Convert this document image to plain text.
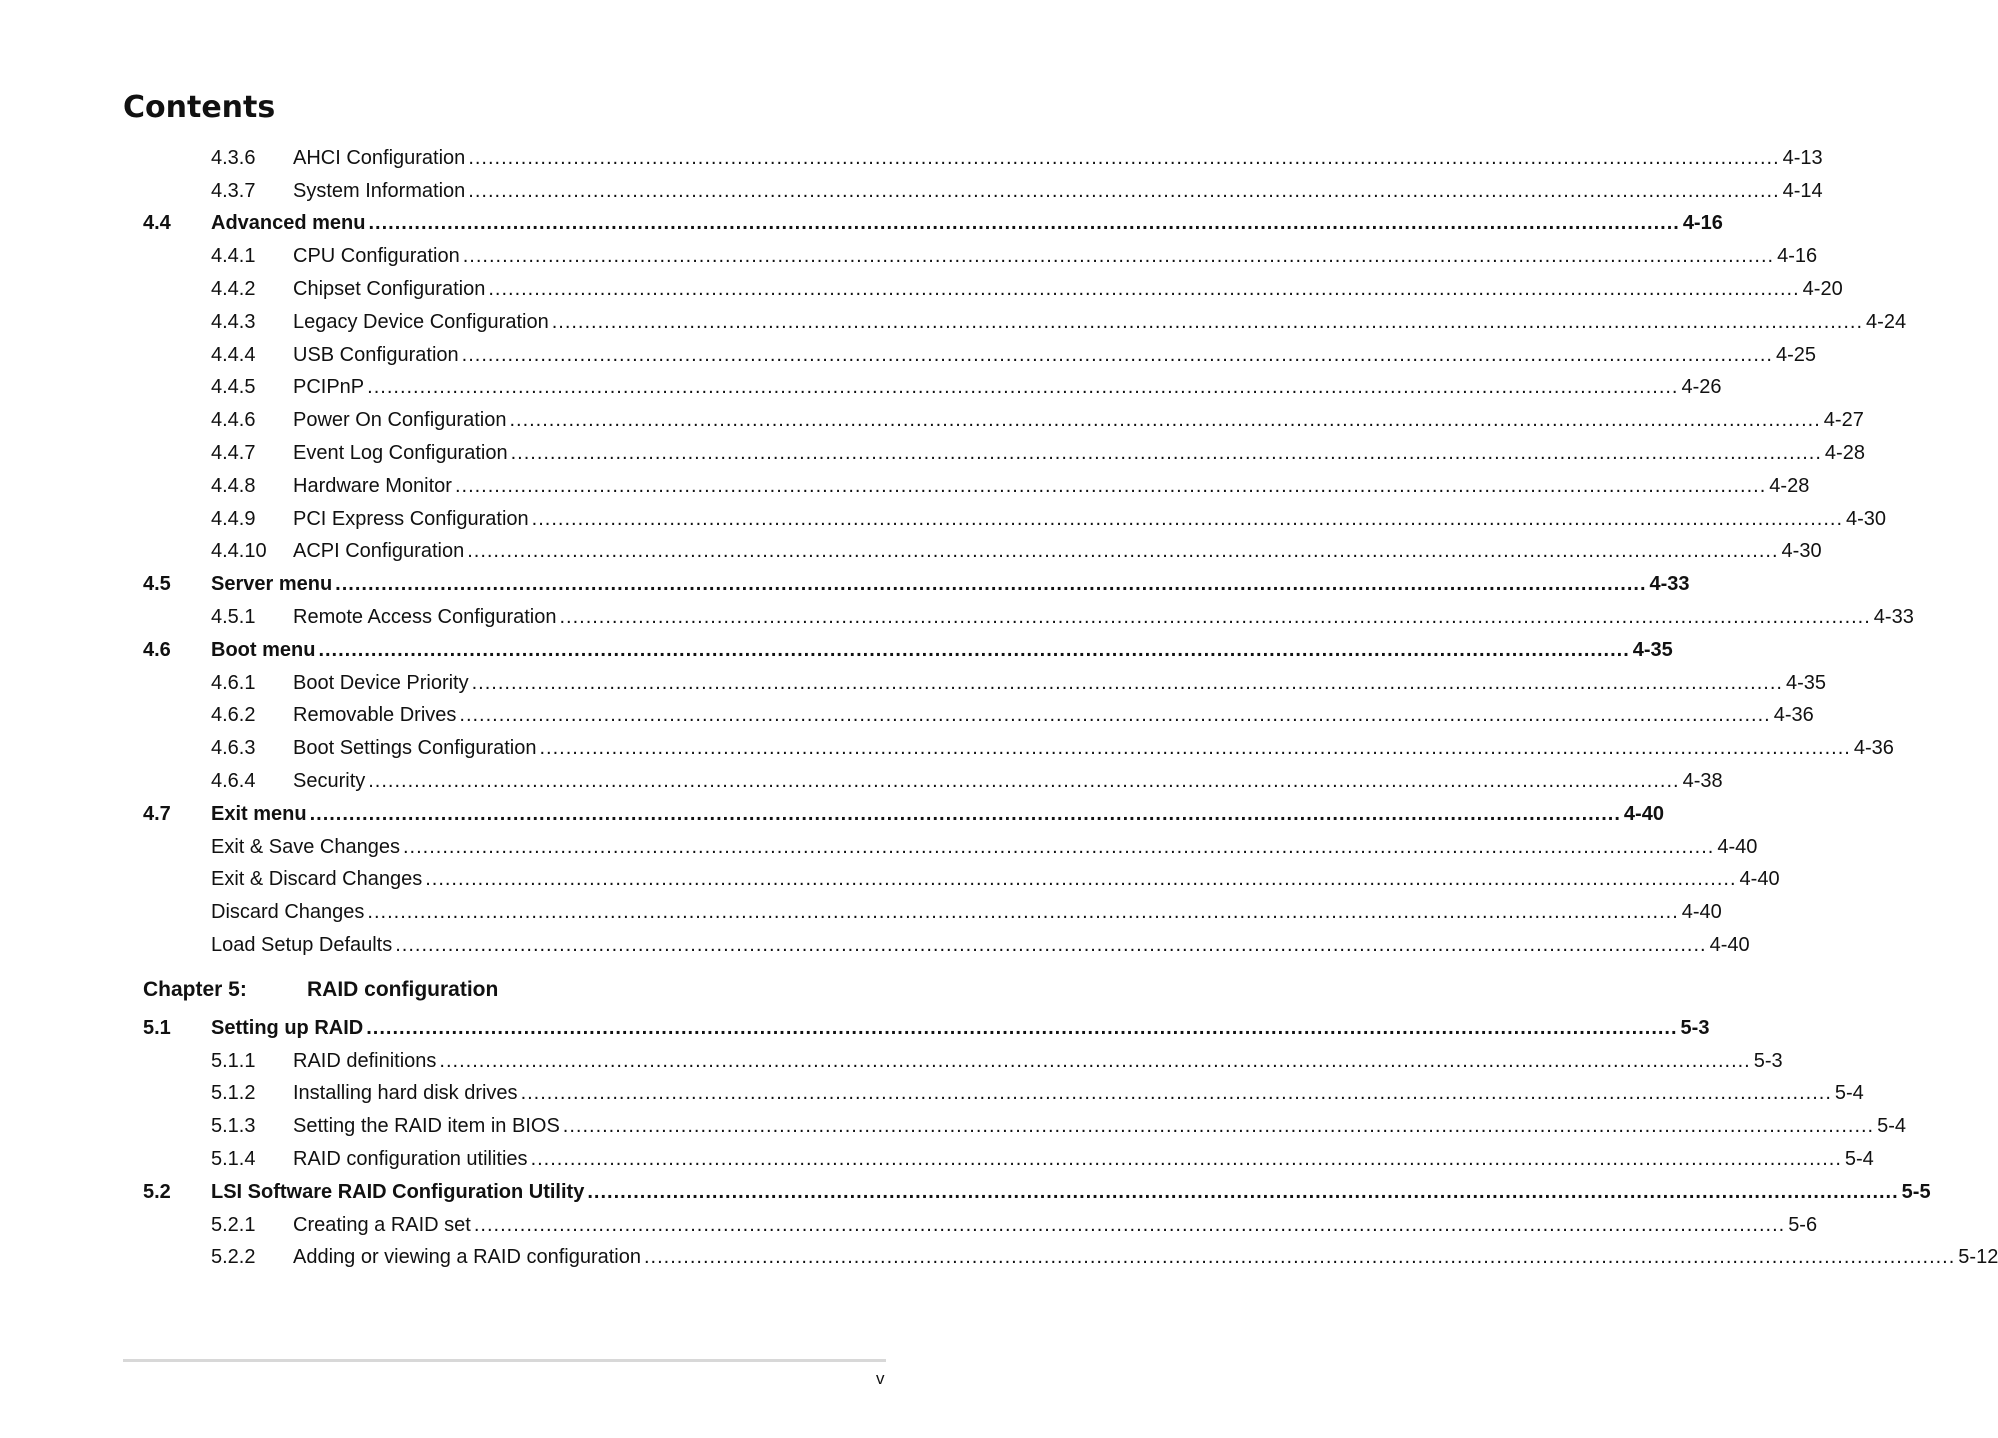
Contents
4.3.6 AHCI Configuration ........................................................................................................................................................................................................ 4-13
4.3.7 System Information ........................................................................................................................................................................................................ 4-14
4.4 Advanced menu ........................................................................................................................................................................................................ 4-16
4.4.1 CPU Configuration ........................................................................................................................................................................................................ 4-16
4.4.2 Chipset Configuration ........................................................................................................................................................................................................ 4-20
4.4.3 Legacy Device Configuration ........................................................................................................................................................................................................ 4-24
4.4.4 USB Configuration ........................................................................................................................................................................................................ 4-25
4.4.5 PCIPnP ........................................................................................................................................................................................................ 4-26
4.4.6 Power On Configuration ........................................................................................................................................................................................................ 4-27
4.4.7 Event Log Configuration ........................................................................................................................................................................................................ 4-28
4.4.8 Hardware Monitor ........................................................................................................................................................................................................ 4-28
4.4.9 PCI Express Configuration ........................................................................................................................................................................................................ 4-30
4.4.10 ACPI Configuration ........................................................................................................................................................................................................ 4-30
4.5 Server menu ........................................................................................................................................................................................................ 4-33
4.5.1 Remote Access Configuration ........................................................................................................................................................................................................ 4-33
4.6 Boot menu ........................................................................................................................................................................................................ 4-35
4.6.1 Boot Device Priority ........................................................................................................................................................................................................ 4-35
4.6.2 Removable Drives ........................................................................................................................................................................................................ 4-36
4.6.3 Boot Settings Configuration ........................................................................................................................................................................................................ 4-36
4.6.4 Security ........................................................................................................................................................................................................ 4-38
4.7 Exit menu ........................................................................................................................................................................................................ 4-40
Exit & Save Changes ........................................................................................................................................................................................................ 4-40
Exit & Discard Changes ........................................................................................................................................................................................................ 4-40
Discard Changes ........................................................................................................................................................................................................ 4-40
Load Setup Defaults ........................................................................................................................................................................................................ 4-40
Chapter 5:	RAID configuration
5.1 Setting up RAID ........................................................................................................................................................................................................ 5-3
5.1.1 RAID definitions ........................................................................................................................................................................................................ 5-3
5.1.2 Installing hard disk drives ........................................................................................................................................................................................................ 5-4
5.1.3 Setting the RAID item in BIOS ........................................................................................................................................................................................................ 5-4
5.1.4 RAID configuration utilities ........................................................................................................................................................................................................ 5-4
5.2 LSI Software RAID Configuration Utility ........................................................................................................................................................................................................ 5-5
5.2.1 Creating a RAID set ........................................................................................................................................................................................................ 5-6
5.2.2 Adding or viewing a RAID configuration ........................................................................................................................................................................................................ 5-12
v
